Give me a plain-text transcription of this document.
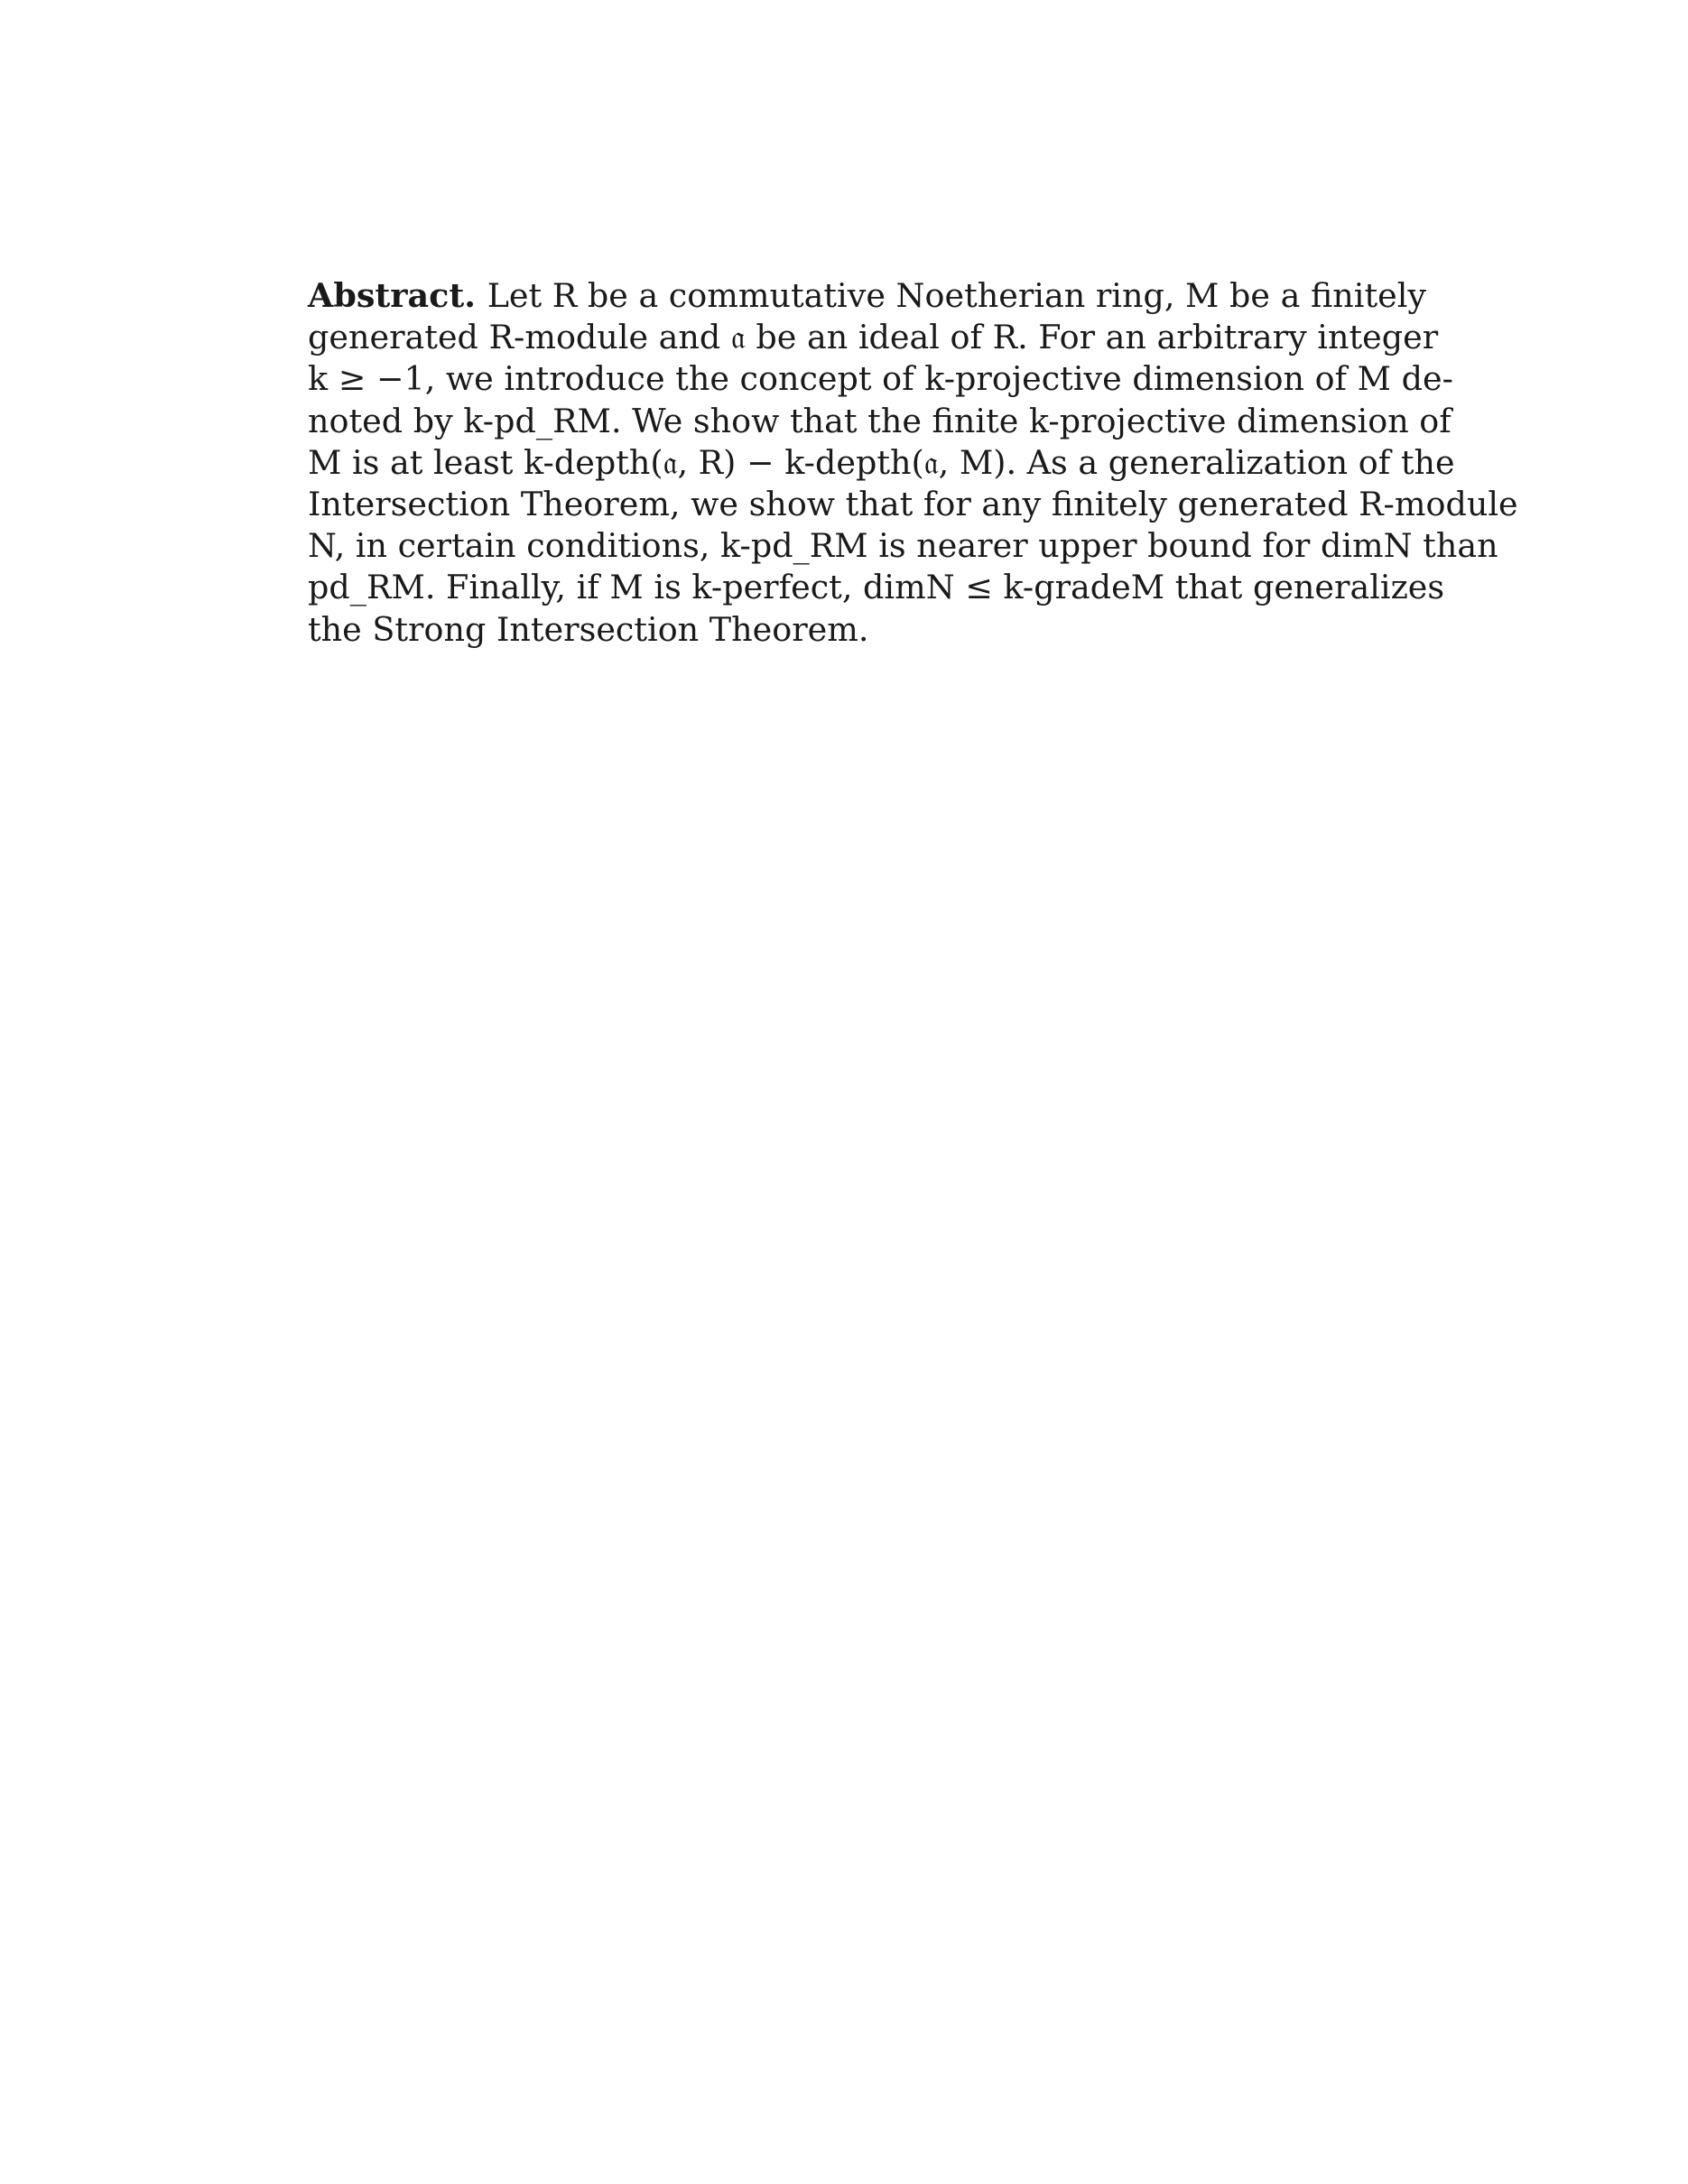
Abstract. Let R be a commutative Noetherian ring, M be a finitely
generated R-module and 𝔞 be an ideal of R. For an arbitrary integer
k ≥ −1, we introduce the concept of k-projective dimension of M de-
noted by k-pd_RM. We show that the finite k-projective dimension of
M is at least k-depth(𝔞, R) − k-depth(𝔞, M). As a generalization of the
Intersection Theorem, we show that for any finitely generated R-module
N, in certain conditions, k-pd_RM is nearer upper bound for dimN than
pd_RM. Finally, if M is k-perfect, dimN ≤ k-gradeM that generalizes
the Strong Intersection Theorem.
